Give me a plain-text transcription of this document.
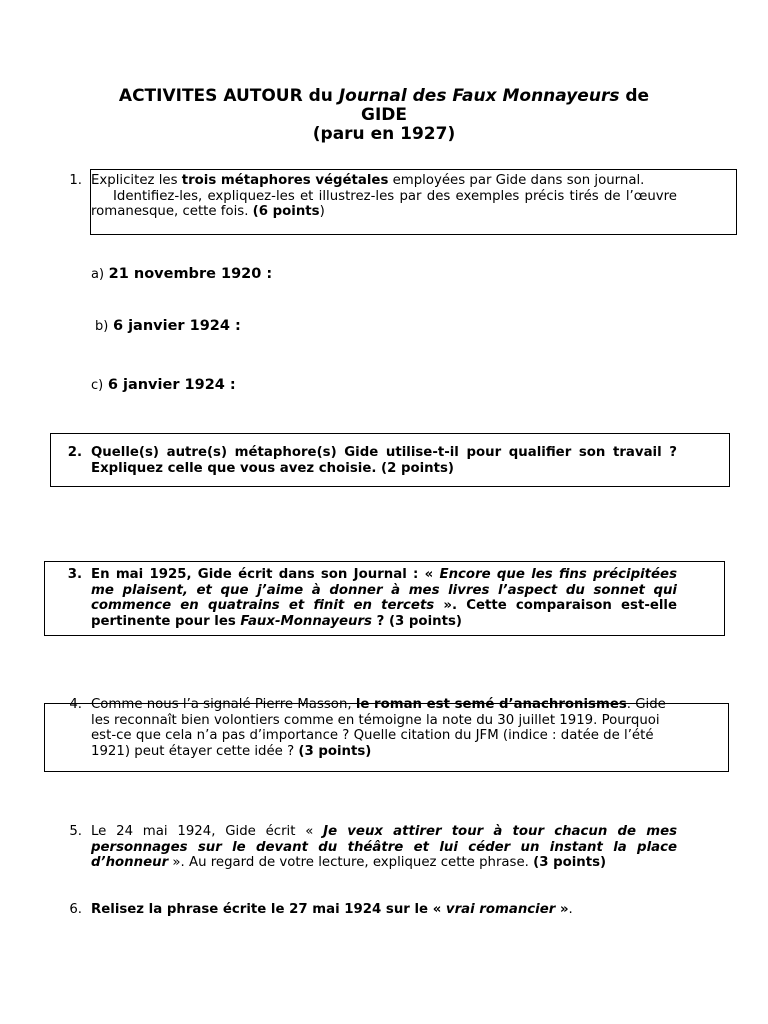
ACTIVITES AUTOUR du Journal des Faux Monnayeurs de
GIDE
(paru en 1927)
1. Explicitez les trois métaphores végétales employées par Gide dans son journal.

Identifiez-les, expliquez-les et illustrez-les par des exemples précis tirés de l’œuvre romanesque, cette fois. (6 points)

a) 21 novembre 1920 :
b) 6 janvier 1924 :
c) 6 janvier 1924 :
2. Quelle(s) autre(s) métaphore(s) Gide utilise-t-il pour qualifier son travail ? Expliquez celle que vous avez choisie. (2 points)
3. En mai 1925, Gide écrit dans son Journal : « Encore que les fins précipitées me plaisent, et que j’aime à donner à mes livres l’aspect du sonnet qui commence en quatrains et finit en tercets ». Cette comparaison est-elle pertinente pour les Faux-Monnayeurs ? (3 points)
4. Comme nous l’a signalé Pierre Masson, le roman est semé d’anachronismes. Gide les reconnaît bien volontiers comme en témoigne la note du 30 juillet 1919. Pourquoi est-ce que cela n’a pas d’importance ? Quelle citation du JFM (indice : datée de l’été 1921) peut étayer cette idée ? (3 points)
5. Le 24 mai 1924, Gide écrit « Je veux attirer tour à tour chacun de mes personnages sur le devant du théâtre et lui céder un instant la place d’honneur ». Au regard de votre lecture, expliquez cette phrase. (3 points)
6. Relisez la phrase écrite le 27 mai 1924 sur le « vrai romancier ».
